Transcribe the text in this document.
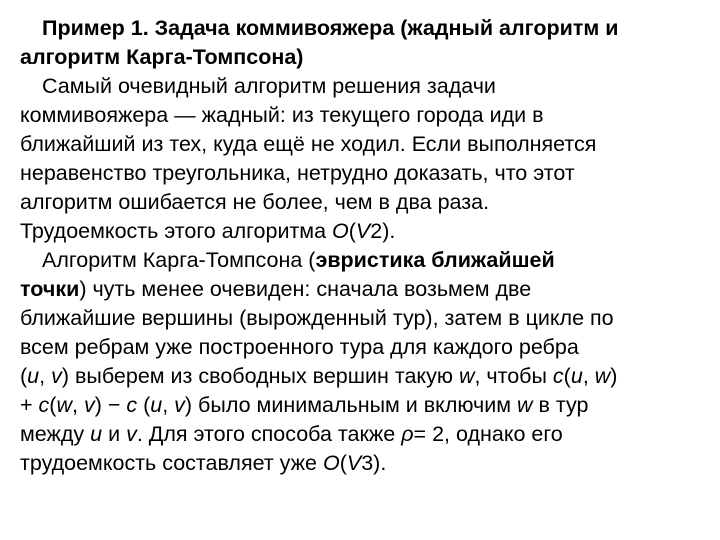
Пример 1. Задача коммивояжера (жадный алгоритм и
алгоритм Карга-Томпсона)
Самый очевидный алгоритм решения задачи
коммивояжера — жадный: из текущего города иди в
ближайший из тех, куда ещё не ходил. Если выполняется
неравенство треугольника, нетрудно доказать, что этот
алгоритм ошибается не более, чем в два раза.
Трудоемкость этого алгоритма O(V2).
Алгоритм Карга-Томпсона (эвристика ближайшей
точки) чуть менее очевиден: сначала возьмем две
ближайшие вершины (вырожденный тур), затем в цикле по
всем ребрам уже построенного тура для каждого ребра
(u, v) выберем из свободных вершин такую w, чтобы c(u, w)
+ c(w, v) − c (u, v) было минимальным и включим w в тур
между u и v. Для этого способа также ρ= 2, однако его
трудоемкость составляет уже O(V3).
